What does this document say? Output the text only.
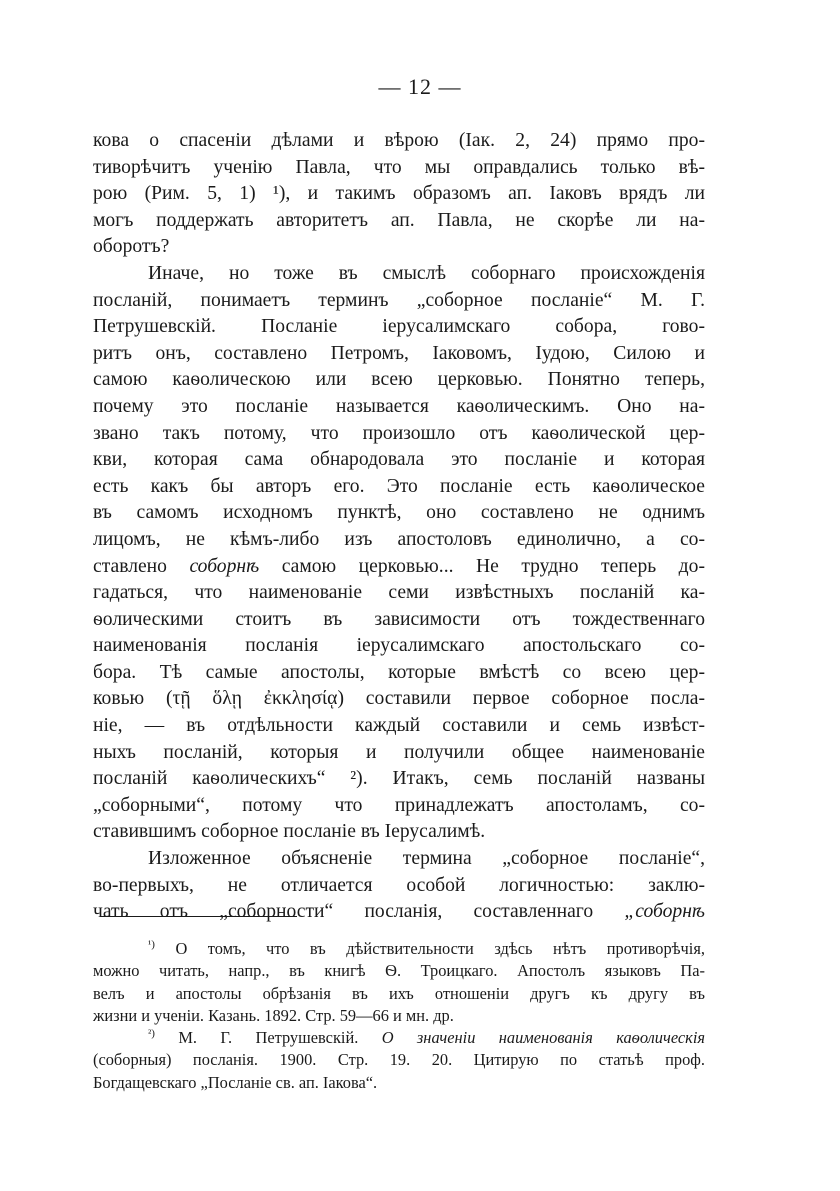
— 12 —
кова о спасеніи дѣлами и вѣрою (Іак. 2, 24) прямо про-
тиворѣчитъ ученію Павла, что мы оправдались только вѣ-
рою (Рим. 5, 1) ¹), и такимъ образомъ ап. Іаковъ врядъ ли
могъ поддержать авторитетъ ап. Павла, не скорѣе ли на-
оборотъ?
Иначе, но тоже въ смыслѣ соборнаго происхожденія
посланій, понимаетъ терминъ „соборное посланіе“ М. Г.
Петрушевскій. Посланіе іерусалимскаго собора, гово-
ритъ онъ, составлено Петромъ, Іаковомъ, Іудою, Силою и
самою каѳолическою или всею церковью. Понятно теперь,
почему это посланіе называется каѳолическимъ. Оно на-
звано такъ потому, что произошло отъ каѳолической цер-
кви, которая сама обнародовала это посланіе и которая
есть какъ бы авторъ его. Это посланіе есть каѳолическое
въ самомъ исходномъ пунктѣ, оно составлено не однимъ
лицомъ, не кѣмъ-либо изъ апостоловъ единолично, а со-
ставлено соборнѣ самою церковью... Не трудно теперь до-
гадаться, что наименованіе семи извѣстныхъ посланій ка-
ѳолическими стоитъ въ зависимости отъ тождественнаго
наименованія посланія іерусалимскаго апостольскаго со-
бора. Тѣ самые апостолы, которые вмѣстѣ со всею цер-
ковью (τῇ ὅλῃ ἐκκλησίᾳ) составили первое соборное посла-
ніе, — въ отдѣльности каждый составили и семь извѣст-
ныхъ посланій, которыя и получили общее наименованіе
посланій каѳолическихъ“ ²). Итакъ, семь посланій названы
„соборными“, потому что принадлежатъ апостоламъ, со-
ставившимъ соборное посланіе въ Іерусалимѣ.
Изложенное объясненіе термина „соборное посланіе“,
во-первыхъ, не отличается особой логичностью: заклю-
чать отъ „соборности“ посланія, составленнаго „соборнѣ
$^{^1)}$ О томъ, что въ дѣйствительности здѣсь нѣтъ противорѣчія,
можно читать, напр., въ книгѣ Ѳ. Троицкаго. Апостолъ языковъ Па-
велъ и апостолы обрѣзанія въ ихъ отношеніи другъ къ другу въ
жизни и ученіи. Казань. 1892. Стр. 59—66 и мн. др.
$^{^2)}$ М. Г. Петрушевскій. О значеніи наименованія каѳолическія
(соборныя) посланія. 1900. Стр. 19. 20. Цитирую по статьѣ проф.
Богдащевскаго „Посланіе св. ап. Іакова“.
